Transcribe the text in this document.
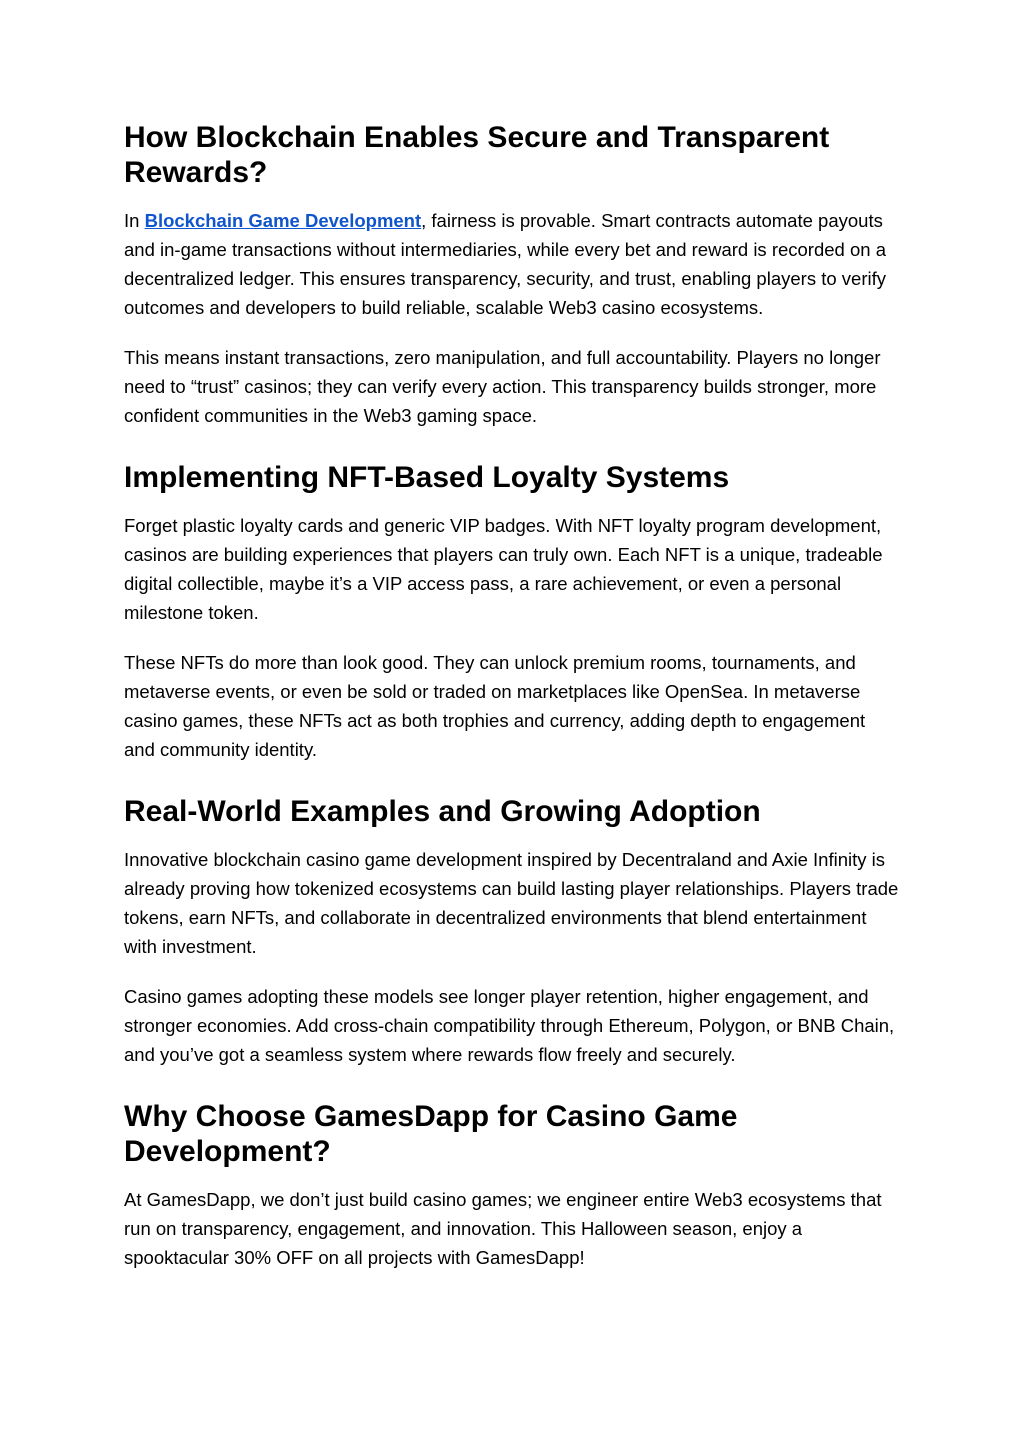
How Blockchain Enables Secure and Transparent Rewards?

In Blockchain Game Development, fairness is provable. Smart contracts automate payouts and in-game transactions without intermediaries, while every bet and reward is recorded on a decentralized ledger. This ensures transparency, security, and trust, enabling players to verify outcomes and developers to build reliable, scalable Web3 casino ecosystems.

This means instant transactions, zero manipulation, and full accountability. Players no longer need to “trust” casinos; they can verify every action. This transparency builds stronger, more confident communities in the Web3 gaming space.

Implementing NFT-Based Loyalty Systems

Forget plastic loyalty cards and generic VIP badges. With NFT loyalty program development, casinos are building experiences that players can truly own. Each NFT is a unique, tradeable digital collectible, maybe it’s a VIP access pass, a rare achievement, or even a personal milestone token.

These NFTs do more than look good. They can unlock premium rooms, tournaments, and metaverse events, or even be sold or traded on marketplaces like OpenSea. In metaverse casino games, these NFTs act as both trophies and currency, adding depth to engagement and community identity.

Real-World Examples and Growing Adoption

Innovative blockchain casino game development inspired by Decentraland and Axie Infinity is already proving how tokenized ecosystems can build lasting player relationships. Players trade tokens, earn NFTs, and collaborate in decentralized environments that blend entertainment with investment.

Casino games adopting these models see longer player retention, higher engagement, and stronger economies. Add cross-chain compatibility through Ethereum, Polygon, or BNB Chain, and you’ve got a seamless system where rewards flow freely and securely.

Why Choose GamesDapp for Casino Game Development?

At GamesDapp, we don’t just build casino games; we engineer entire Web3 ecosystems that run on transparency, engagement, and innovation. This Halloween season, enjoy a spooktacular 30% OFF on all projects with GamesDapp!
